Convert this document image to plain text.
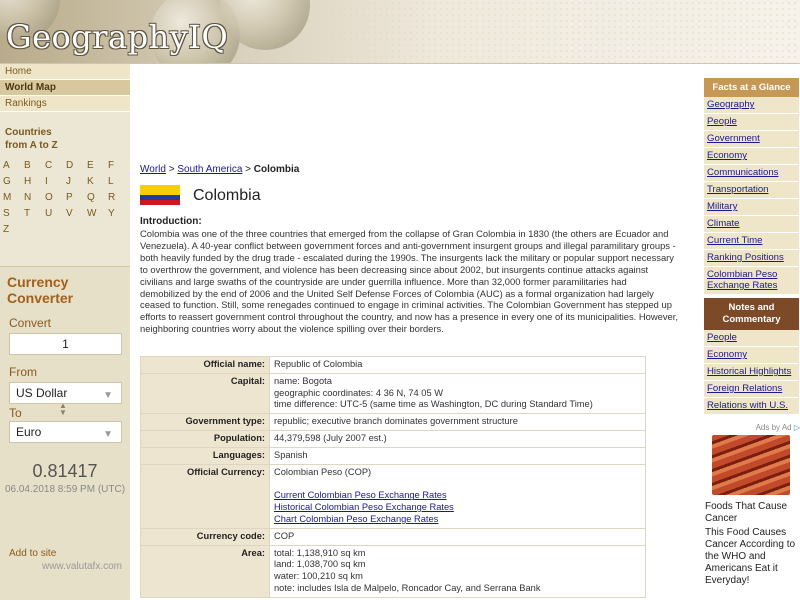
GeographyIQ
Home
World Map
Rankings
Countries
from A to Z
A	B	C	D	E	F
G	H	I	J	K	L
M	N	O	P	Q	R
S	T	U	V	W	Y
Z
Currency Converter
Convert
1
From
US Dollar	▼
To
▲
▼
Euro	▼
0.81417
06.04.2018 8:59 PM (UTC)
Add to site
www.valutafx.com
World > South America > Colombia
Colombia
Introduction:
Colombia was one of the three countries that emerged from the collapse of Gran Colombia in 1830 (the others are Ecuador and Venezuela). A 40-year conflict between government forces and anti-government insurgent groups and illegal paramilitary groups - both heavily funded by the drug trade - escalated during the 1990s. The insurgents lack the military or popular support necessary to overthrow the government, and violence has been decreasing since about 2002, but insurgents continue attacks against civilians and large swaths of the countryside are under guerrilla influence. More than 32,000 former paramilitaries had demobilized by the end of 2006 and the United Self Defense Forces of Colombia (AUC) as a formal organization had largely ceased to function. Still, some renegades continued to engage in criminal activities. The Colombian Government has stepped up efforts to reassert government control throughout the country, and now has a presence in every one of its municipalities. However, neighboring countries worry about the violence spilling over their borders.
Official name:	Republic of Colombia
Capital:	name: Bogota
geographic coordinates: 4 36 N, 74 05 W
time difference: UTC-5 (same time as Washington, DC during Standard Time)

Government type:	republic; executive branch dominates government structure
Population:	44,379,598 (July 2007 est.)
Languages:	Spanish
Official Currency:	Colombian Peso (COP)
Current Colombian Peso Exchange Rates
Historical Colombian Peso Exchange Rates
Chart Colombian Peso Exchange Rates

Currency code:	COP
Area:	total: 1,138,910 sq km
land: 1,038,700 sq km
water: 100,210 sq km
note: includes Isla de Malpelo, Roncador Cay, and Serrana Bank
Facts at a Glance
Geography
People
Government
Economy
Communications
Transportation
Military
Climate
Current Time
Ranking Positions
Colombian Peso Exchange Rates
Notes and Commentary
People
Economy
Historical Highlights
Foreign Relations
Relations with U.S.
Ads by Ad ▷
Foods That Cause Cancer
This Food Causes Cancer According to the WHO and Americans Eat it Everyday!
